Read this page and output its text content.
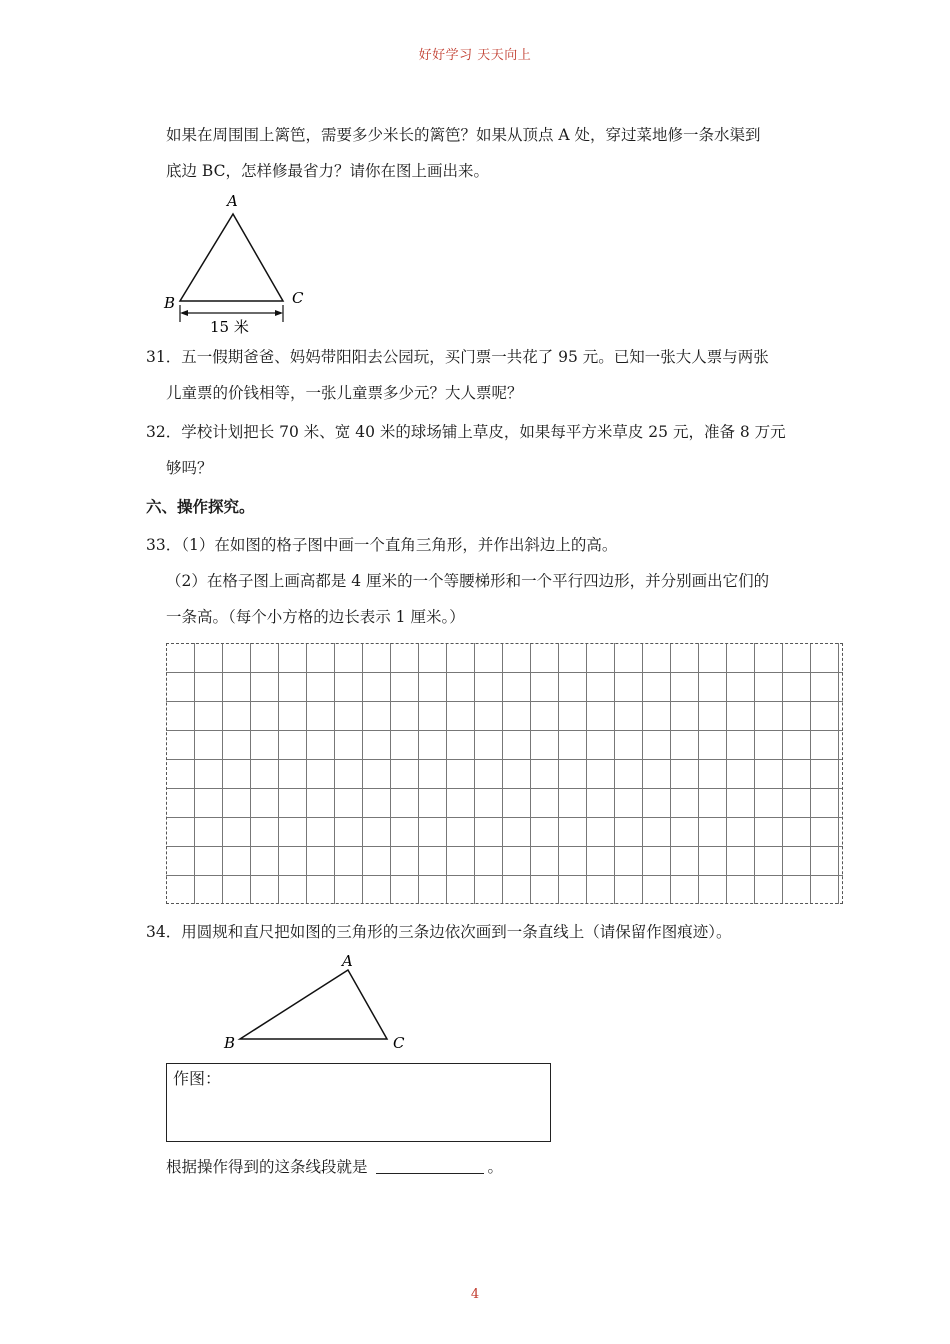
好好学习 天天向上
如果在周围围上篱笆，需要多少米长的篱笆？如果从顶点 A 处，穿过菜地修一条水渠到
底边 BC，怎样修最省力？请你在图上画出来。
A
B	C
15 米
31．五一假期爸爸、妈妈带阳阳去公园玩，买门票一共花了 95 元。已知一张大人票与两张
儿童票的价钱相等，一张儿童票多少元？大人票呢？
32．学校计划把长 70 米、宽 40 米的球场铺上草皮，如果每平方米草皮 25 元，准备 8 万元
够吗？
六、操作探究。
33．（1）在如图的格子图中画一个直角三角形，并作出斜边上的高。
（2）在格子图上画高都是 4 厘米的一个等腰梯形和一个平行四边形，并分别画出它们的
一条高。（每个小方格的边长表示 1 厘米。）
34．用圆规和直尺把如图的三角形的三条边依次画到一条直线上（请保留作图痕迹）。
A
B	C
作图：
根据操作得到的这条线段就是	。
4
